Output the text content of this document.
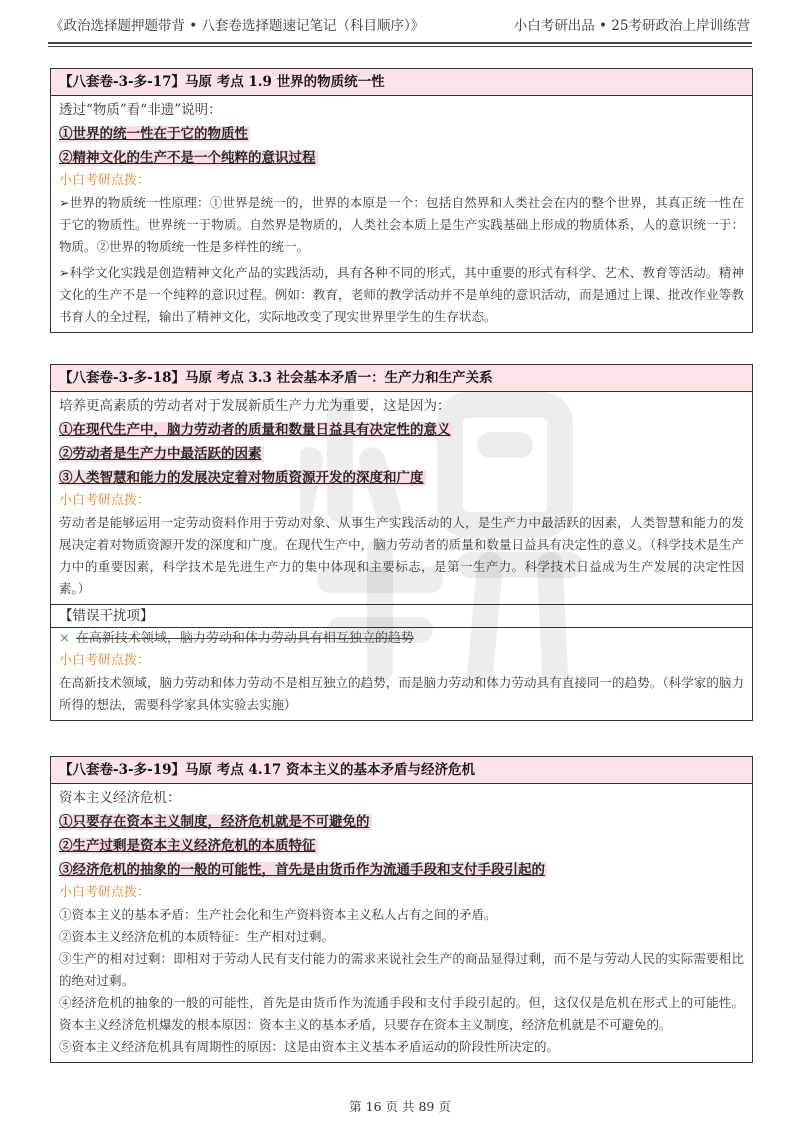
《政治选择题押题带背 • 八套卷选择题速记笔记（科目顺序）》	小白考研出品 • 25考研政治上岸训练营
【八套卷-3-多-17】马原 考点 1.9 世界的物质统一性
透过“物质”看“非遗”说明：
①世界的统一性在于它的物质性
②精神文化的生产不是一个纯粹的意识过程
小白考研点拨：
➢世界的物质统一性原理：①世界是统一的，世界的本原是一个：包括自然界和人类社会在内的整个世界，其真正统一性在于它的物质性。世界统一于物质。自然界是物质的，人类社会本质上是生产实践基础上形成的物质体系，人的意识统一于：物质。②世界的物质统一性是多样性的统一。
➢科学文化实践是创造精神文化产品的实践活动，具有各种不同的形式，其中重要的形式有科学、艺术、教育等活动。精神文化的生产不是一个纯粹的意识过程。例如：教育，老师的教学活动并不是单纯的意识活动，而是通过上课、批改作业等教书育人的全过程，输出了精神文化，实际地改变了现实世界里学生的生存状态。
【八套卷-3-多-18】马原 考点 3.3 社会基本矛盾一：生产力和生产关系
培养更高素质的劳动者对于发展新质生产力尤为重要，这是因为：
①在现代生产中，脑力劳动者的质量和数量日益具有决定性的意义
②劳动者是生产力中最活跃的因素
③人类智慧和能力的发展决定着对物质资源开发的深度和广度
小白考研点拨：
劳动者是能够运用一定劳动资料作用于劳动对象、从事生产实践活动的人，是生产力中最活跃的因素，人类智慧和能力的发展决定着对物质资源开发的深度和广度。在现代生产中，脑力劳动者的质量和数量日益具有决定性的意义。（科学技术是生产力中的重要因素，科学技术是先进生产力的集中体现和主要标志，是第一生产力。科学技术日益成为生产发展的决定性因素。）
【错误干扰项】
× 在高新技术领域，脑力劳动和体力劳动具有相互独立的趋势
小白考研点拨：
在高新技术领域，脑力劳动和体力劳动不是相互独立的趋势，而是脑力劳动和体力劳动具有直接同一的趋势。（科学家的脑力所得的想法，需要科学家具体实验去实施）
【八套卷-3-多-19】马原 考点 4.17 资本主义的基本矛盾与经济危机
资本主义经济危机：
①只要存在资本主义制度，经济危机就是不可避免的
②生产过剩是资本主义经济危机的本质特征
③经济危机的抽象的一般的可能性，首先是由货币作为流通手段和支付手段引起的
小白考研点拨：
①资本主义的基本矛盾：生产社会化和生产资料资本主义私人占有之间的矛盾。
②资本主义经济危机的本质特征：生产相对过剩。
③生产的相对过剩：即相对于劳动人民有支付能力的需求来说社会生产的商品显得过剩，而不是与劳动人民的实际需要相比的绝对过剩。
④经济危机的抽象的一般的可能性，首先是由货币作为流通手段和支付手段引起的。但，这仅仅是危机在形式上的可能性。资本主义经济危机爆发的根本原因：资本主义的基本矛盾，只要存在资本主义制度，经济危机就是不可避免的。
⑤资本主义经济危机具有周期性的原因：这是由资本主义基本矛盾运动的阶段性所决定的。
第 16 页 共 89 页
